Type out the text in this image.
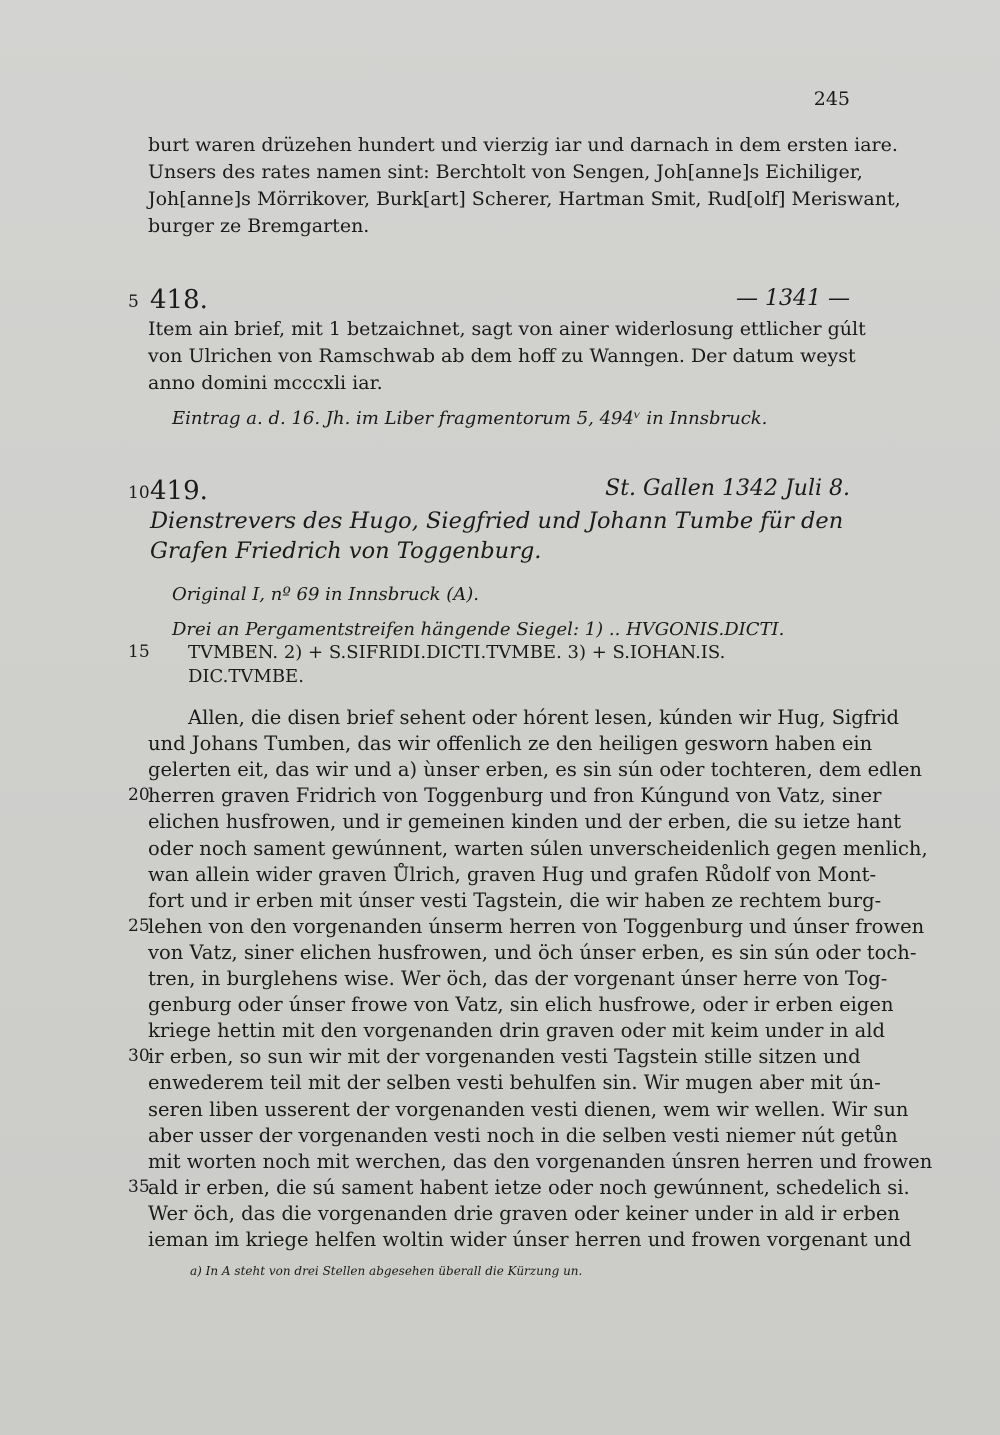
245
burt waren drüzehen hundert und vierzig iar und darnach in dem ersten iare.
Unsers des rates namen sint: Berchtolt von Sengen, Joh[anne]s Eichiliger,
Joh[anne]s Mörrikover, Burk[art] Scherer, Hartman Smit, Rud[olf] Meriswant,
burger ze Bremgarten.
5 418.	— 1341 —
Item ain brief, mit 1 betzaichnet, sagt von ainer widerlosung ettlicher gúlt
von Ulrichen von Ramschwab ab dem hoff zu Wanngen. Der datum weyst
anno domini mcccxli iar.
Eintrag a. d. 16. Jh. im Liber fragmentorum 5, 494ᵛ in Innsbruck.
10 419.	St. Gallen 1342 Juli 8.
Dienstrevers des Hugo, Siegfried und Johann Tumbe für den
Grafen Friedrich von Toggenburg.
Original I, nº 69 in Innsbruck (A).
Drei an Pergamentstreifen hängende Siegel: 1) .. HVGONIS.DICTI.
15 TVMBEN. 2) + S.SIFRIDI.DICTI.TVMBE. 3) + S.IOHAN.IS.
DIC.TVMBE.
Allen, die disen brief sehent oder hórent lesen, kúnden wir Hug, Sigfrid
und Johans Tumben, das wir offenlich ze den heiligen gesworn haben ein
gelerten eit, das wir und a) ùnser erben, es sin sún oder tochteren, dem edlen
20
herren graven Fridrich von Toggenburg und fron Kúngund von Vatz, siner
elichen husfrowen, und ir gemeinen kinden und der erben, die su ietze hant
oder noch sament gewúnnent, warten súlen unverscheidenlich gegen menlich,
wan allein wider graven Ůlrich, graven Hug und grafen Růdolf von Mont-
fort und ir erben mit únser vesti Tagstein, die wir haben ze rechtem burg-
25
lehen von den vorgenanden únserm herren von Toggenburg und únser frowen
von Vatz, siner elichen husfrowen, und öch únser erben, es sin sún oder toch-
tren, in burglehens wise. Wer öch, das der vorgenant únser herre von Tog-
genburg oder únser frowe von Vatz, sin elich husfrowe, oder ir erben eigen
kriege hettin mit den vorgenanden drin graven oder mit keim under in ald
30
ir erben, so sun wir mit der vorgenanden vesti Tagstein stille sitzen und
enwederem teil mit der selben vesti behulfen sin. Wir mugen aber mit ún-
seren liben usserent der vorgenanden vesti dienen, wem wir wellen. Wir sun
aber usser der vorgenanden vesti noch in die selben vesti niemer nút getůn
mit worten noch mit werchen, das den vorgenanden únsren herren und frowen
35
ald ir erben, die sú sament habent ietze oder noch gewúnnent, schedelich si.
Wer öch, das die vorgenanden drie graven oder keiner under in ald ir erben
ieman im kriege helfen woltin wider únser herren und frowen vorgenant und
a) In A steht von drei Stellen abgesehen überall die Kürzung un.
